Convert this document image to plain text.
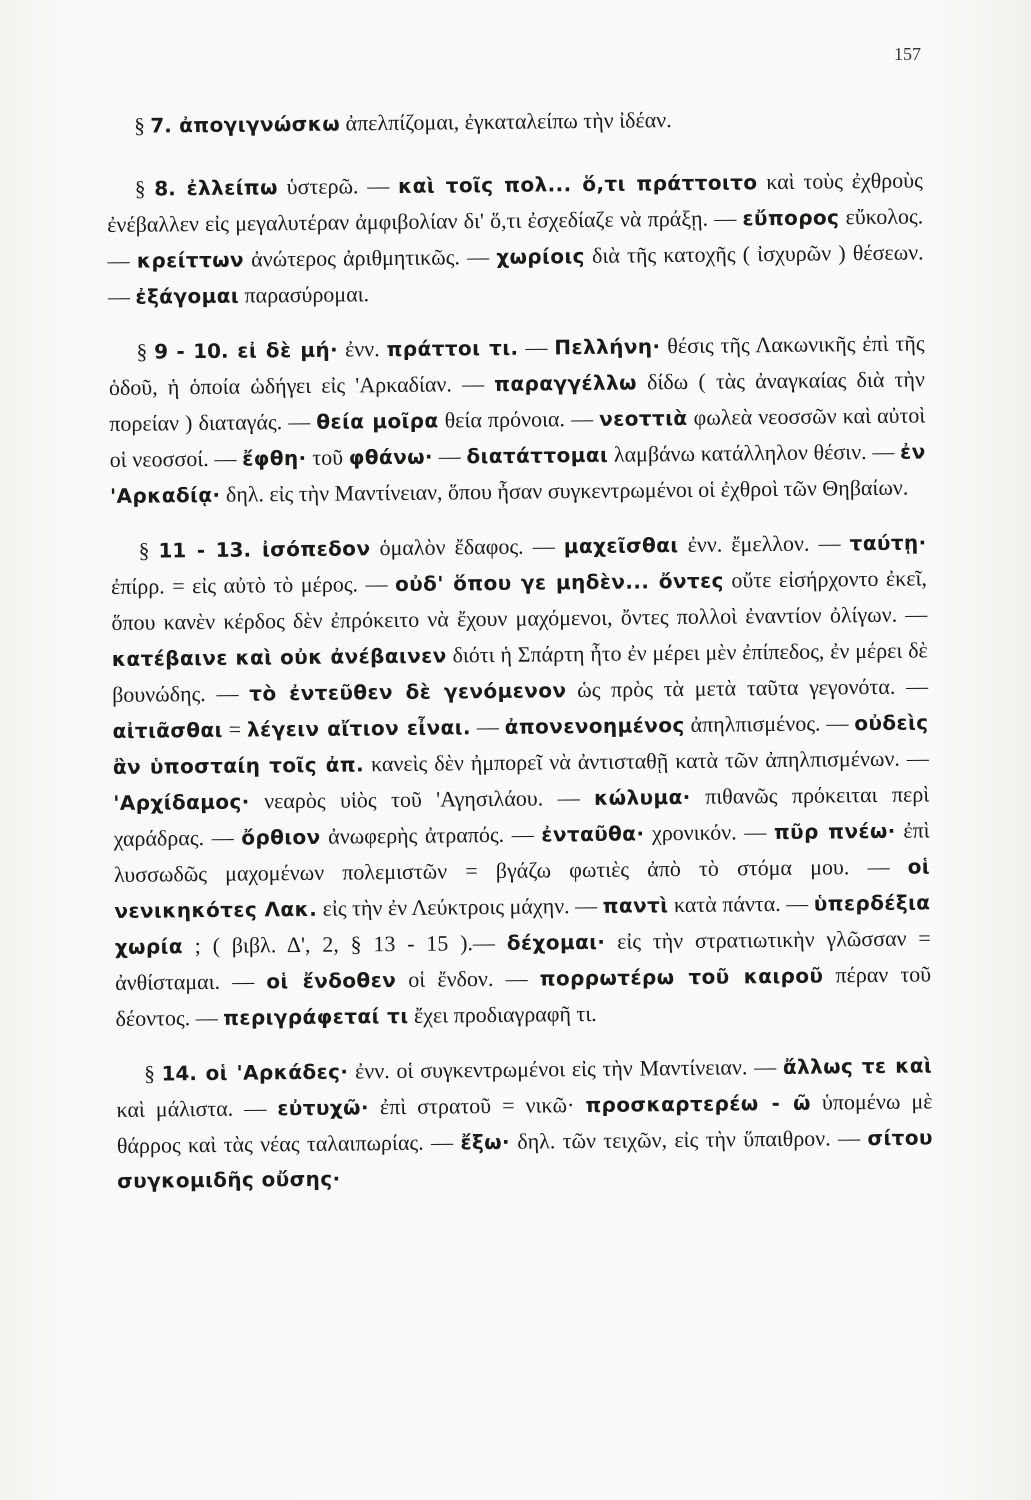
157

§ 7. ἀπογιγνώσκω ἀπελπίζομαι, ἐγκαταλείπω τὴν ἰδέαν.

§ 8. ἐλλείπω ὑστερῶ. — καὶ τοῖς πολ... ὅ,τι πράττοιτο καὶ τοὺς ἐχθροὺς ἐνέβαλλεν εἰς μεγαλυτέραν ἀμφιβολίαν δι' ὅ,τι ἐσχεδίαζε νὰ πράξῃ. — εὔπορος εὔκολος. — κρείττων ἀνώτερος ἀριθμητικῶς. — χωρίοις διὰ τῆς κατοχῆς ( ἰσχυρῶν ) θέσεων. — ἐξάγομαι παρασύρομαι.

§ 9 - 10. εἰ δὲ μή· ἐνν. πράττοι τι. — Πελλήνη· θέσις τῆς Λακωνικῆς ἐπὶ τῆς ὁδοῦ, ἡ ὁποία ὡδήγει εἰς 'Αρκαδίαν. — παραγγέλλω δίδω ( τὰς ἀναγκαίας διὰ τὴν πορείαν ) διαταγάς. — θεία μοῖρα θεία πρόνοια. — νεοττιὰ φωλεὰ νεοσσῶν καὶ αὐτοὶ οἱ νεοσσοί. — ἔφθη· τοῦ φθάνω· — διατάττομαι λαμβάνω κατάλληλον θέσιν. — ἐν 'Αρκαδίᾳ· δηλ. εἰς τὴν Μαντίνειαν, ὅπου ἦσαν συγκεντρωμένοι οἱ ἐχθροὶ τῶν Θηβαίων.

§ 11 - 13. ἰσόπεδον ὁμαλὸν ἔδαφος. — μαχεῖσθαι ἐνν. ἔμελλον. — ταύτῃ· ἐπίρρ. = εἰς αὐτὸ τὸ μέρος. — οὐδ' ὅπου γε μηδὲν... ὄντες οὔτε εἰσήρχοντο ἐκεῖ, ὅπου κανὲν κέρδος δὲν ἐπρόκειτο νὰ ἔχουν μαχόμενοι, ὄντες πολλοὶ ἐναντίον ὀλίγων. — κατέβαινε καὶ οὐκ ἀνέβαινεν διότι ἡ Σπάρτη ἦτο ἐν μέρει μὲν ἐπίπεδος, ἐν μέρει δὲ βουνώδης. — τὸ ἐντεῦθεν δὲ γενόμενον ὡς πρὸς τὰ μετὰ ταῦτα γεγονότα. — αἰτιᾶσθαι = λέγειν αἴτιον εἶναι. — ἀπονενοημένος ἀπηλπισμένος. — οὐδεὶς ἂν ὑποσταίη τοῖς ἀπ. κανεὶς δὲν ἠμπορεῖ νὰ ἀντισταθῇ κατὰ τῶν ἀπηλπισμένων. — 'Αρχίδαμος· νεαρὸς υἱὸς τοῦ 'Αγησιλάου. — κώλυμα· πιθανῶς πρόκειται περὶ χαράδρας. — ὄρθιον ἀνωφερὴς ἀτραπός. — ἐνταῦθα· χρονικόν. — πῦρ πνέω· ἐπὶ λυσσωδῶς μαχομένων πολεμιστῶν = βγάζω φωτιὲς ἀπὸ τὸ στόμα μου. — οἱ νενικηκότες Λακ. εἰς τὴν ἐν Λεύκτροις μάχην. — παντὶ κατὰ πάντα. — ὑπερδέξια χωρία ; ( βιβλ. Δ', 2, § 13 - 15 ).— δέχομαι· εἰς τὴν στρατιωτικὴν γλῶσσαν = ἀνθίσταμαι. — οἱ ἔνδοθεν οἱ ἔνδον. — πορρωτέρω τοῦ καιροῦ πέραν τοῦ δέοντος. — περιγράφεταί τι ἔχει προδιαγραφῆ τι.

§ 14. οἱ 'Αρκάδες· ἐνν. οἱ συγκεντρωμένοι εἰς τὴν Μαντίνειαν. — ἄλλως τε καὶ καὶ μάλιστα. — εὐτυχῶ· ἐπὶ στρατοῦ = νικῶ· προσκαρτερέω - ῶ ὑπομένω μὲ θάρρος καὶ τὰς νέας ταλαιπωρίας. — ἔξω· δηλ. τῶν τειχῶν, εἰς τὴν ὕπαιθρον. — σίτου συγκομιδῆς οὔσης·
